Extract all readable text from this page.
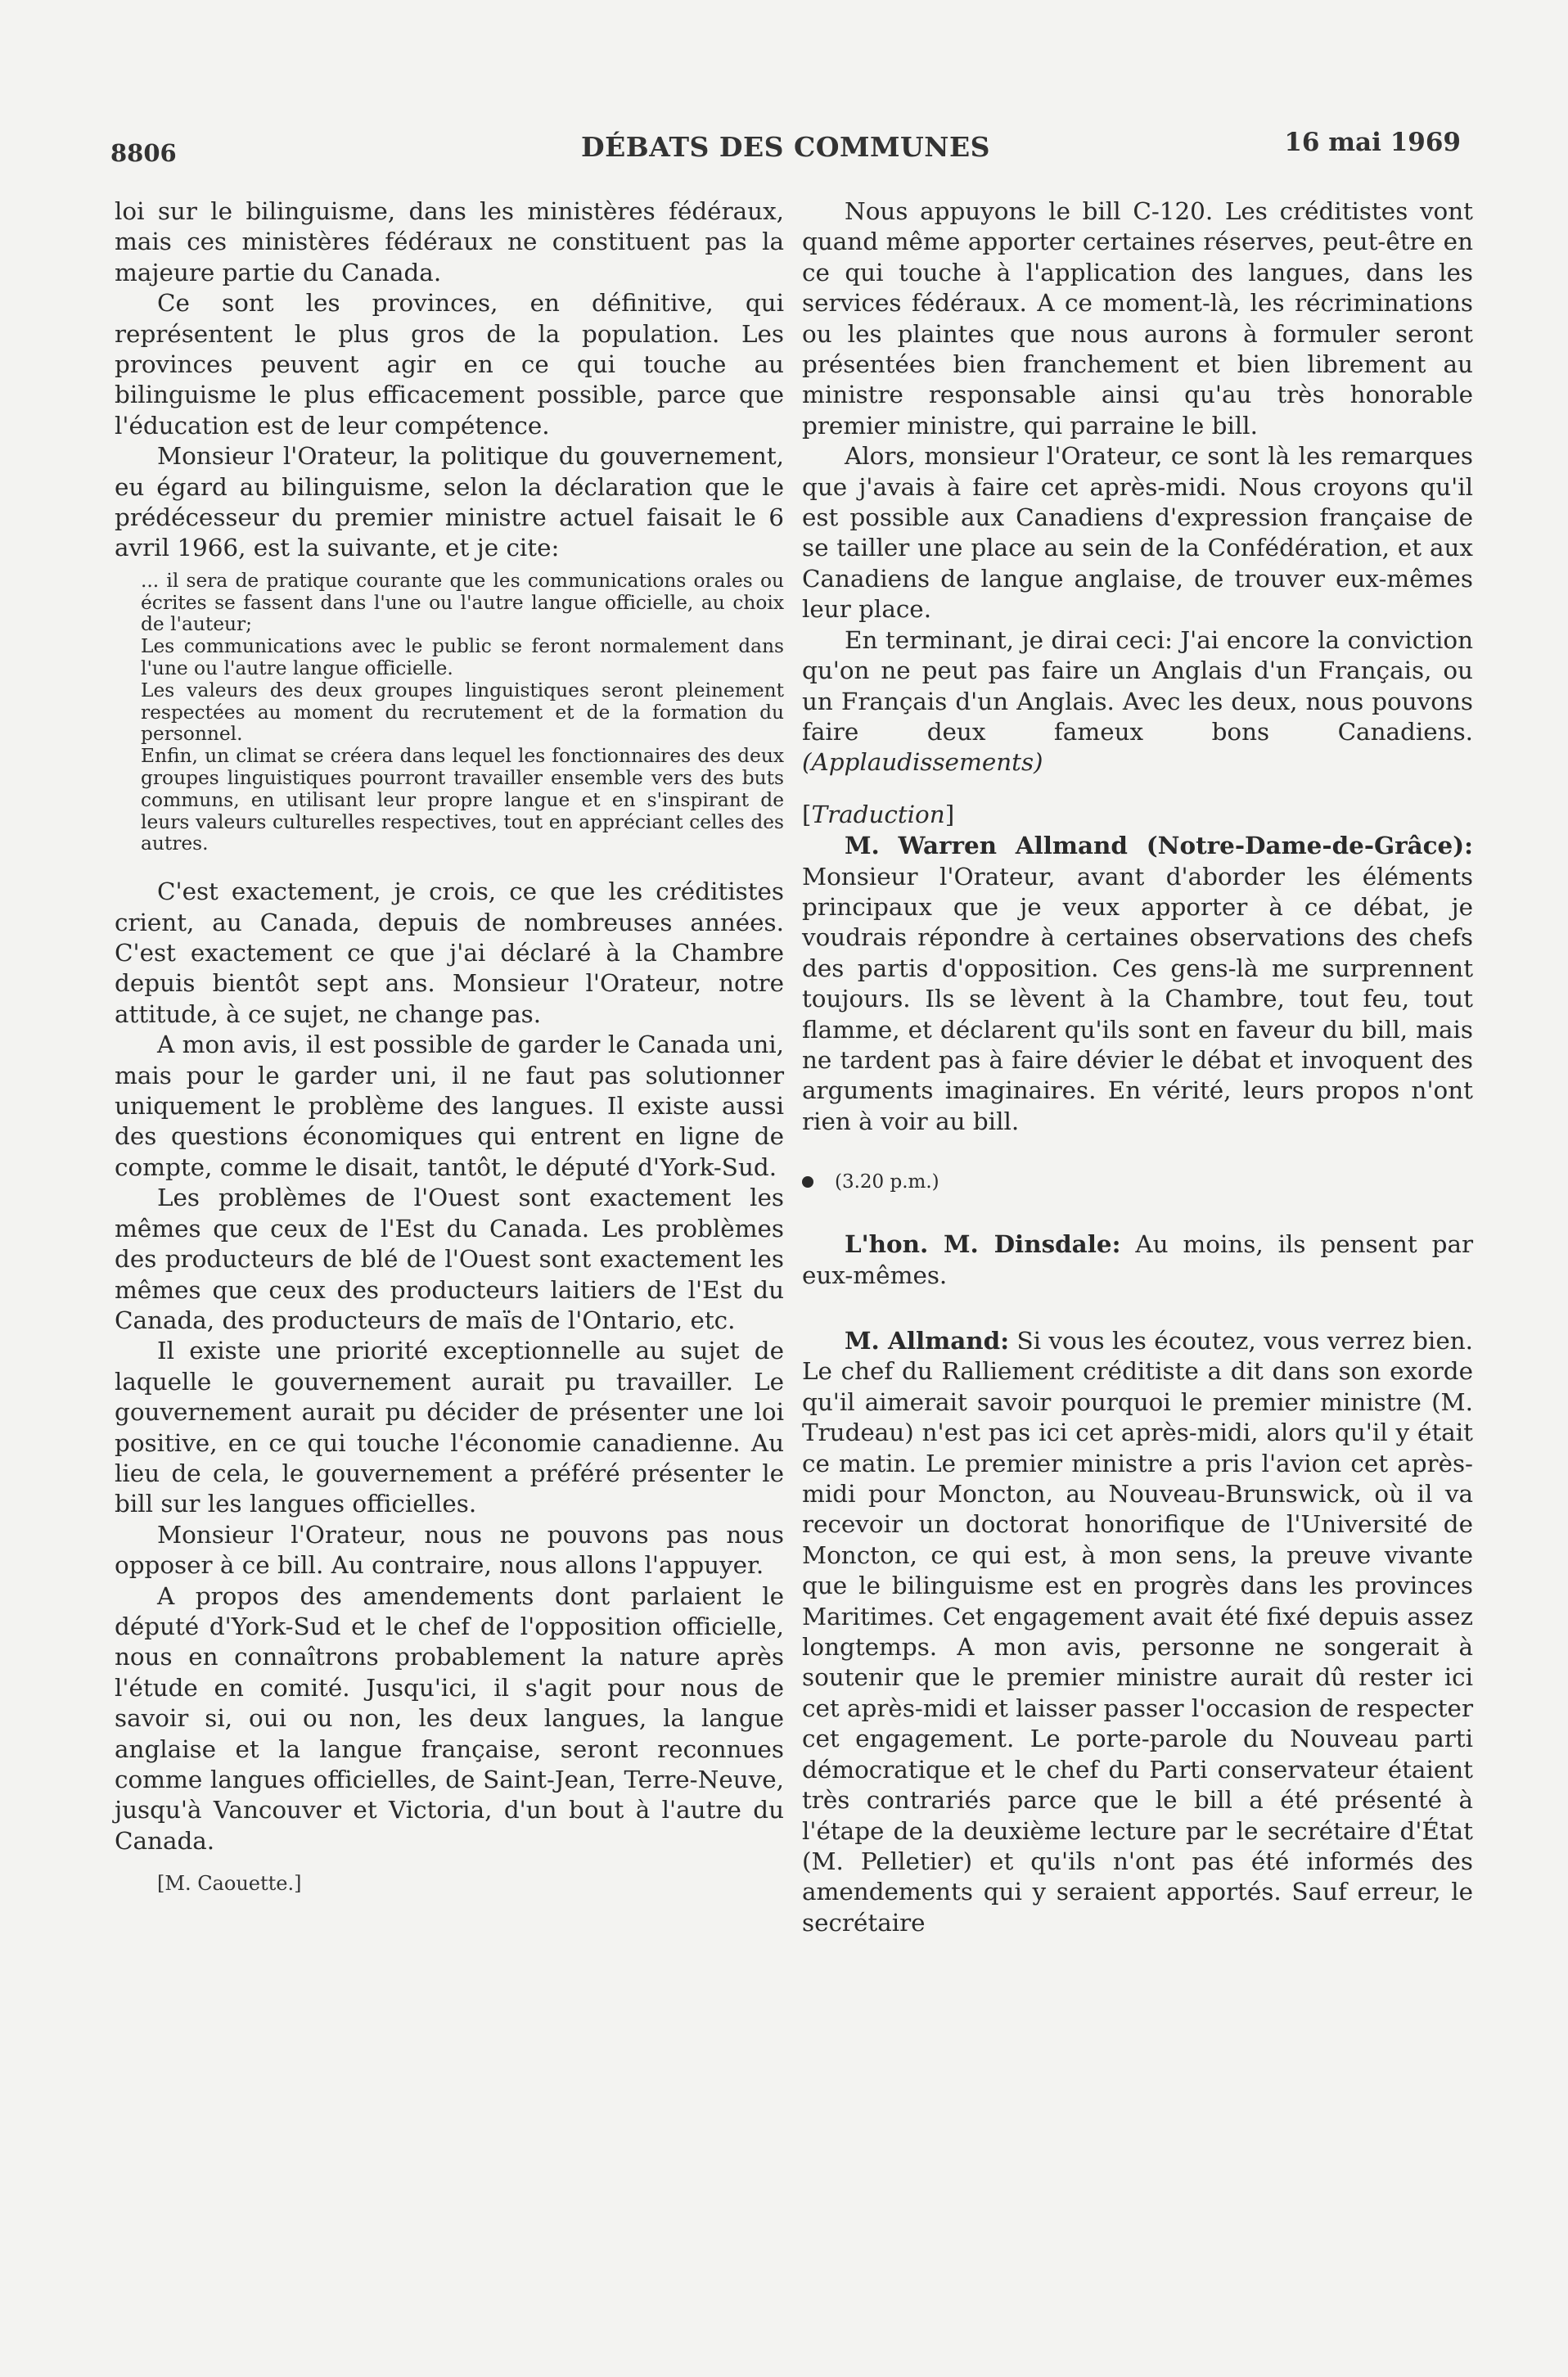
8806	DÉBATS DES COMMUNES	16 mai 1969

loi sur le bilinguisme, dans les ministères fédéraux, mais ces ministères fédéraux ne constituent pas la majeure partie du Canada.

Ce sont les provinces, en définitive, qui représentent le plus gros de la population. Les provinces peuvent agir en ce qui touche au bilinguisme le plus efficacement possible, parce que l'éducation est de leur compétence.

Monsieur l'Orateur, la politique du gouvernement, eu égard au bilinguisme, selon la déclaration que le prédécesseur du premier ministre actuel faisait le 6 avril 1966, est la suivante, et je cite:

... il sera de pratique courante que les communications orales ou écrites se fassent dans l'une ou l'autre langue officielle, au choix de l'auteur;

Les communications avec le public se feront normalement dans l'une ou l'autre langue officielle.

Les valeurs des deux groupes linguistiques seront pleinement respectées au moment du recrutement et de la formation du personnel.

Enfin, un climat se créera dans lequel les fonctionnaires des deux groupes linguistiques pourront travailler ensemble vers des buts communs, en utilisant leur propre langue et en s'inspirant de leurs valeurs culturelles respectives, tout en appréciant celles des autres.

C'est exactement, je crois, ce que les créditistes crient, au Canada, depuis de nombreuses années. C'est exactement ce que j'ai déclaré à la Chambre depuis bientôt sept ans. Monsieur l'Orateur, notre attitude, à ce sujet, ne change pas.

A mon avis, il est possible de garder le Canada uni, mais pour le garder uni, il ne faut pas solutionner uniquement le problème des langues. Il existe aussi des questions économiques qui entrent en ligne de compte, comme le disait, tantôt, le député d'York-Sud.

Les problèmes de l'Ouest sont exactement les mêmes que ceux de l'Est du Canada. Les problèmes des producteurs de blé de l'Ouest sont exactement les mêmes que ceux des producteurs laitiers de l'Est du Canada, des producteurs de maïs de l'Ontario, etc.

Il existe une priorité exceptionnelle au sujet de laquelle le gouvernement aurait pu travailler. Le gouvernement aurait pu décider de présenter une loi positive, en ce qui touche l'économie canadienne. Au lieu de cela, le gouvernement a préféré présenter le bill sur les langues officielles.

Monsieur l'Orateur, nous ne pouvons pas nous opposer à ce bill. Au contraire, nous allons l'appuyer.

A propos des amendements dont parlaient le député d'York-Sud et le chef de l'opposition officielle, nous en connaîtrons probablement la nature après l'étude en comité. Jusqu'ici, il s'agit pour nous de savoir si, oui ou non, les deux langues, la langue anglaise et la langue française, seront reconnues comme langues officielles, de Saint-Jean, Terre-Neuve, jusqu'à Vancouver et Victoria, d'un bout à l'autre du Canada.

[M. Caouette.]

Nous appuyons le bill C-120. Les créditistes vont quand même apporter certaines réserves, peut-être en ce qui touche à l'application des langues, dans les services fédéraux. A ce moment-là, les récriminations ou les plaintes que nous aurons à formuler seront présentées bien franchement et bien librement au ministre responsable ainsi qu'au très honorable premier ministre, qui parraine le bill.

Alors, monsieur l'Orateur, ce sont là les remarques que j'avais à faire cet après-midi. Nous croyons qu'il est possible aux Canadiens d'expression française de se tailler une place au sein de la Confédération, et aux Canadiens de langue anglaise, de trouver eux-mêmes leur place.

En terminant, je dirai ceci: J'ai encore la conviction qu'on ne peut pas faire un Anglais d'un Français, ou un Français d'un Anglais. Avec les deux, nous pouvons faire deux fameux bons Canadiens. (Applaudissements)

[Traduction]

M. Warren Allmand (Notre-Dame-de-Grâce): Monsieur l'Orateur, avant d'aborder les éléments principaux que je veux apporter à ce débat, je voudrais répondre à certaines observations des chefs des partis d'opposition. Ces gens-là me surprennent toujours. Ils se lèvent à la Chambre, tout feu, tout flamme, et déclarent qu'ils sont en faveur du bill, mais ne tardent pas à faire dévier le débat et invoquent des arguments imaginaires. En vérité, leurs propos n'ont rien à voir au bill.

(3.20 p.m.)

L'hon. M. Dinsdale: Au moins, ils pensent par eux-mêmes.

M. Allmand: Si vous les écoutez, vous verrez bien. Le chef du Ralliement créditiste a dit dans son exorde qu'il aimerait savoir pourquoi le premier ministre (M. Trudeau) n'est pas ici cet après-midi, alors qu'il y était ce matin. Le premier ministre a pris l'avion cet après-midi pour Moncton, au Nouveau-Brunswick, où il va recevoir un doctorat honorifique de l'Université de Moncton, ce qui est, à mon sens, la preuve vivante que le bilinguisme est en progrès dans les provinces Maritimes. Cet engagement avait été fixé depuis assez longtemps. A mon avis, personne ne songerait à soutenir que le premier ministre aurait dû rester ici cet après-midi et laisser passer l'occasion de respecter cet engagement. Le porte-parole du Nouveau parti démocratique et le chef du Parti conservateur étaient très contrariés parce que le bill a été présenté à l'étape de la deuxième lecture par le secrétaire d'État (M. Pelletier) et qu'ils n'ont pas été informés des amendements qui y seraient apportés. Sauf erreur, le secrétaire
